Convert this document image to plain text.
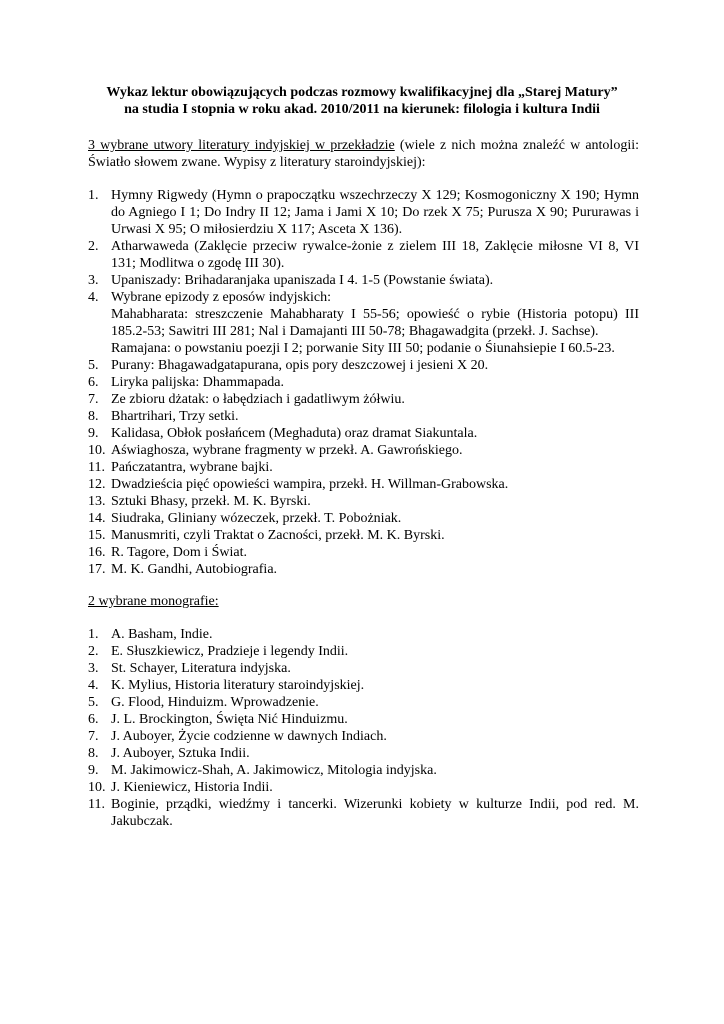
Wykaz lektur obowiązujących podczas rozmowy kwalifikacyjnej dla „Starej Matury”
na studia I stopnia w roku akad. 2010/2011 na kierunek: filologia i kultura Indii
3 wybrane utwory literatury indyjskiej w przekładzie (wiele z nich można znaleźć w antologii: Światło słowem zwane. Wypisy z literatury staroindyjskiej):
1. Hymny Rigwedy (Hymn o prapoczątku wszechrzeczy X 129; Kosmogoniczny X 190; Hymn do Agniego I 1; Do Indry II 12; Jama i Jami X 10; Do rzek X 75; Purusza X 90; Pururawas i Urwasi X 95; O miłosierdziu X 117; Asceta X 136).
2. Atharwaweda (Zaklęcie przeciw rywalce-żonie z zielem III 18, Zaklęcie miłosne VI 8, VI 131; Modlitwa o zgodę III 30).
3. Upaniszady: Brihadaranjaka upaniszada I 4. 1-5 (Powstanie świata).
4. Wybrane epizody z eposów indyjskich:
Mahabharata: streszczenie Mahabharaty I 55-56; opowieść o rybie (Historia potopu) III 185.2-53; Sawitri III 281; Nal i Damajanti III 50-78; Bhagawadgita (przekł. J. Sachse).
Ramajana: o powstaniu poezji I 2; porwanie Sity III 50; podanie o Śiunahsiepie I 60.5-23.
5. Purany: Bhagawadgatapurana, opis pory deszczowej i jesieni X 20.
6. Liryka palijska: Dhammapada.
7. Ze zbioru dżatak: o łabędziach i gadatliwym żółwiu.
8. Bhartrihari, Trzy setki.
9. Kalidasa, Obłok posłańcem (Meghaduta) oraz dramat Siakuntala.
10. Aświaghosza, wybrane fragmenty w przekł. A. Gawrońskiego.
11. Pańczatantra, wybrane bajki.
12. Dwadzieścia pięć opowieści wampira, przekł. H. Willman-Grabowska.
13. Sztuki Bhasy, przekł. M. K. Byrski.
14. Siudraka, Gliniany wózeczek, przekł. T. Pobożniak.
15. Manusmriti, czyli Traktat o Zacności, przekł. M. K. Byrski.
16. R. Tagore, Dom i Świat.
17. M. K. Gandhi, Autobiografia.
2 wybrane monografie:
1. A. Basham, Indie.
2. E. Słuszkiewicz, Pradzieje i legendy Indii.
3. St. Schayer, Literatura indyjska.
4. K. Mylius, Historia literatury staroindyjskiej.
5. G. Flood, Hinduizm. Wprowadzenie.
6. J. L. Brockington, Święta Nić Hinduizmu.
7. J. Auboyer, Życie codzienne w dawnych Indiach.
8. J. Auboyer, Sztuka Indii.
9. M. Jakimowicz-Shah, A. Jakimowicz, Mitologia indyjska.
10. J. Kieniewicz, Historia Indii.
11. Boginie, prządki, wiedźmy i tancerki. Wizerunki kobiety w kulturze Indii, pod red. M. Jakubczak.
